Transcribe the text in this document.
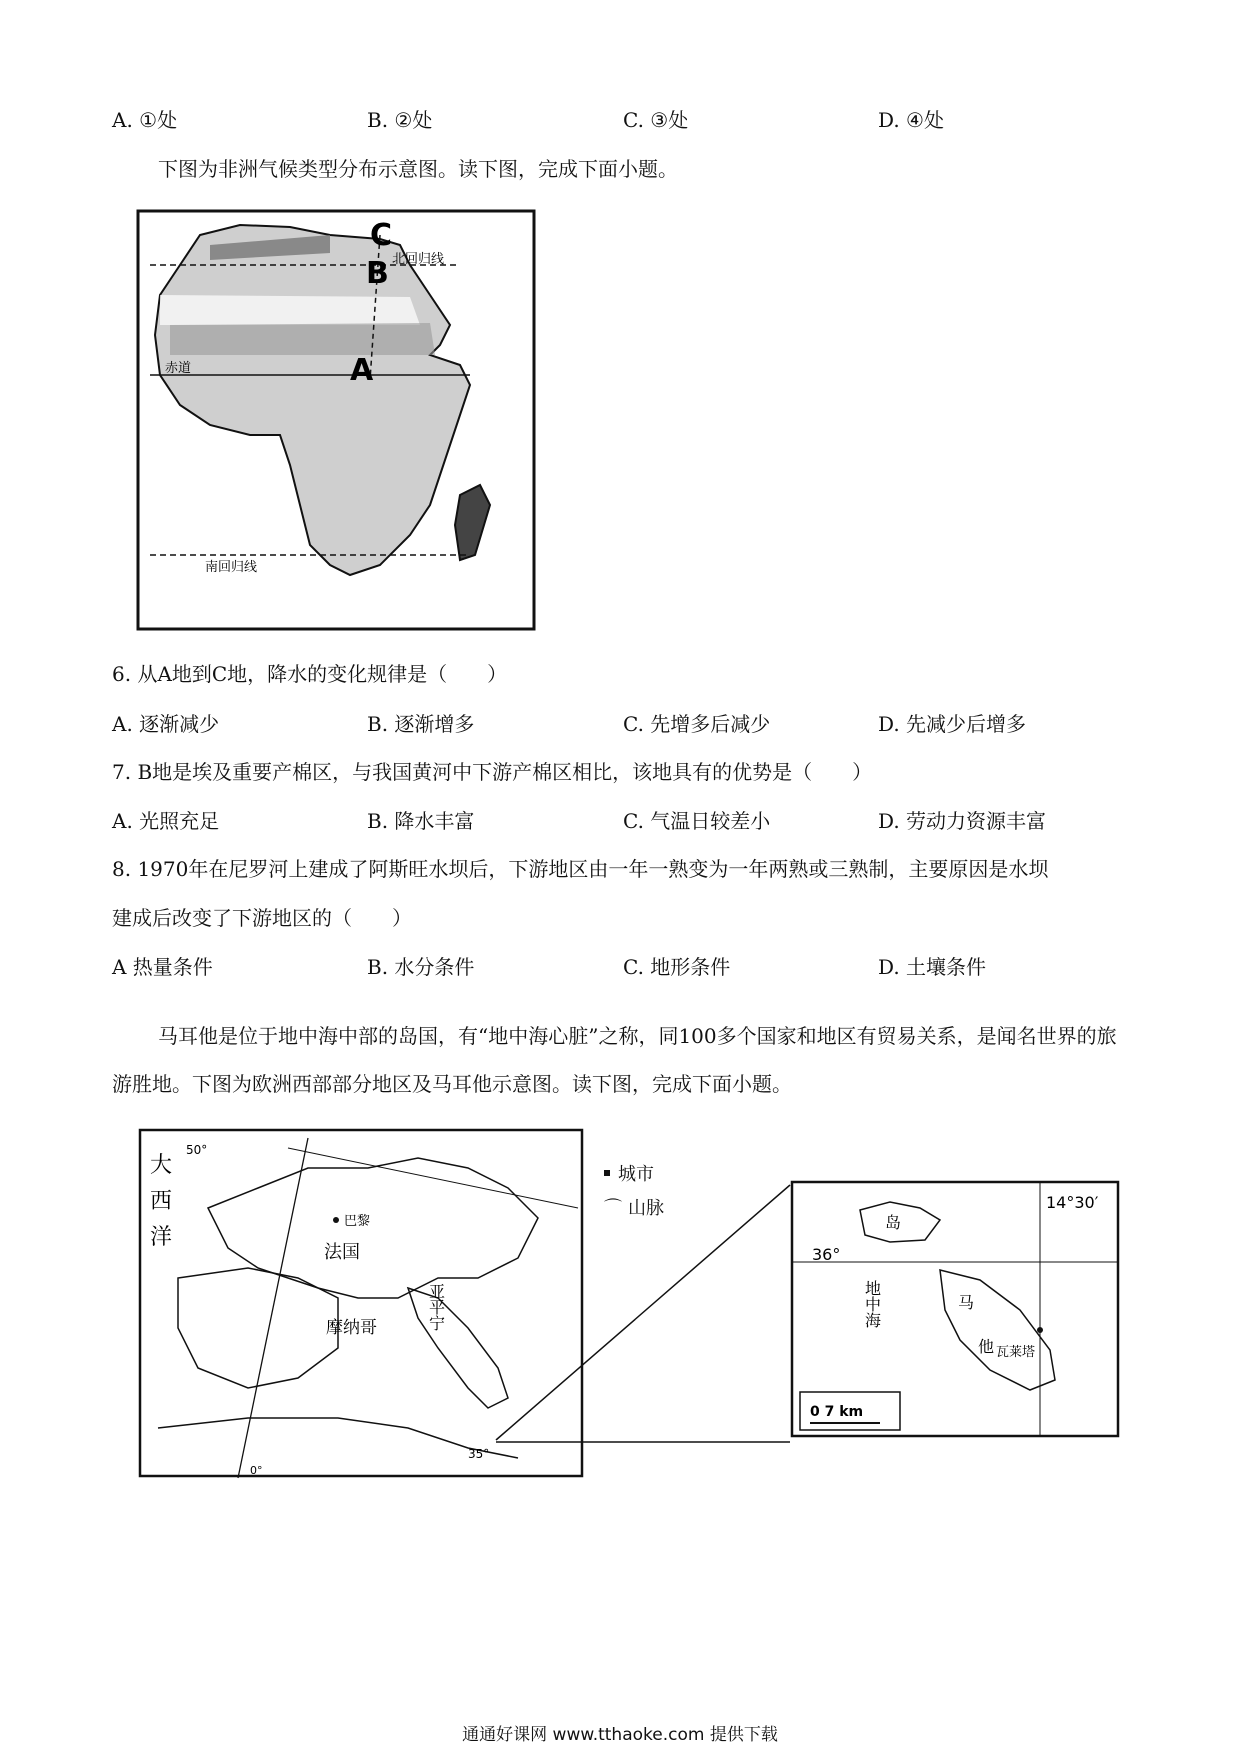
A. ①处	B. ②处	C. ③处	D. ④处
下图为非洲气候类型分布示意图。读下图，完成下面小题。
C
B
A
北回归线
赤道
南回归线
6. 从A地到C地，降水的变化规律是（　　）
A. 逐渐减少	B. 逐渐增多	C. 先增多后减少	D. 先减少后增多
7. B地是埃及重要产棉区，与我国黄河中下游产棉区相比，该地具有的优势是（　　）
A. 光照充足	B. 降水丰富	C. 气温日较差小	D. 劳动力资源丰富
8. 1970年在尼罗河上建成了阿斯旺水坝后，下游地区由一年一熟变为一年两熟或三熟制，主要原因是水坝
建成后改变了下游地区的（　　）
A 热量条件	B. 水分条件	C. 地形条件	D. 土壤条件
马耳他是位于地中海中部的岛国，有“地中海心脏”之称，同100多个国家和地区有贸易关系，是闻名世界的旅游胜地。下图为欧洲西部部分地区及马耳他示意图。读下图，完成下面小题。
50°
大
西
洋
巴黎
法国
摩纳哥	亚平宁
0°
35°
城市
⌒ 山脉	14°30′
36°
岛
地中海	马
他 瓦莱塔
0 7 km
通通好课网 www.tthaoke.com 提供下载
